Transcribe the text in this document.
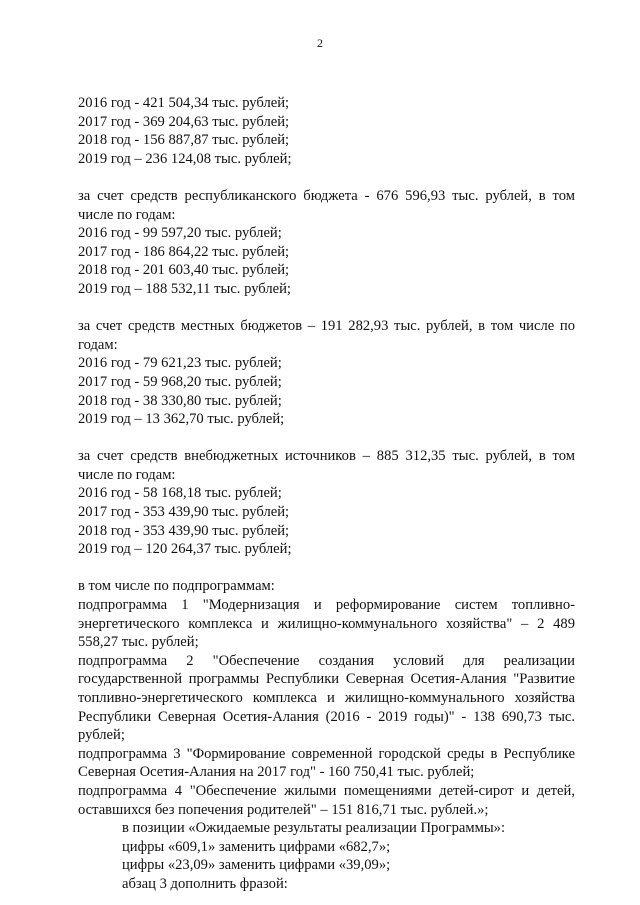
2
2016 год - 421 504,34 тыс. рублей;
2017 год - 369 204,63 тыс. рублей;
2018 год - 156 887,87 тыс. рублей;
2019 год – 236 124,08 тыс. рублей;
за счет средств республиканского бюджета - 676 596,93 тыс. рублей, в том числе по годам:
2016 год - 99 597,20 тыс. рублей;
2017 год - 186 864,22 тыс. рублей;
2018 год - 201 603,40 тыс. рублей;
2019 год – 188 532,11 тыс. рублей;
за счет средств местных бюджетов – 191 282,93 тыс. рублей, в том числе по годам:
2016 год - 79 621,23 тыс. рублей;
2017 год - 59 968,20 тыс. рублей;
2018 год - 38 330,80 тыс. рублей;
2019 год – 13 362,70 тыс. рублей;
за счет средств внебюджетных источников – 885 312,35 тыс. рублей, в том числе по годам:
2016 год - 58 168,18 тыс. рублей;
2017 год - 353 439,90 тыс. рублей;
2018 год - 353 439,90 тыс. рублей;
2019 год – 120 264,37 тыс. рублей;
в том числе по подпрограммам:
подпрограмма 1 "Модернизация и реформирование систем топливно-энергетического комплекса и жилищно-коммунального хозяйства" – 2 489 558,27 тыс. рублей;
подпрограмма 2 "Обеспечение создания условий для реализации государственной программы Республики Северная Осетия-Алания "Развитие топливно-энергетического комплекса и жилищно-коммунального хозяйства Республики Северная Осетия-Алания (2016 - 2019 годы)" - 138 690,73 тыс. рублей;
подпрограмма 3 "Формирование современной городской среды в Республике Северная Осетия-Алания на 2017 год" - 160 750,41 тыс. рублей;
подпрограмма 4 "Обеспечение жилыми помещениями детей-сирот и детей, оставшихся без попечения родителей" – 151 816,71 тыс. рублей.»;
в позиции «Ожидаемые результаты реализации Программы»:
цифры «609,1» заменить цифрами «682,7»;
цифры «23,09» заменить цифрами «39,09»;
абзац 3 дополнить фразой:
